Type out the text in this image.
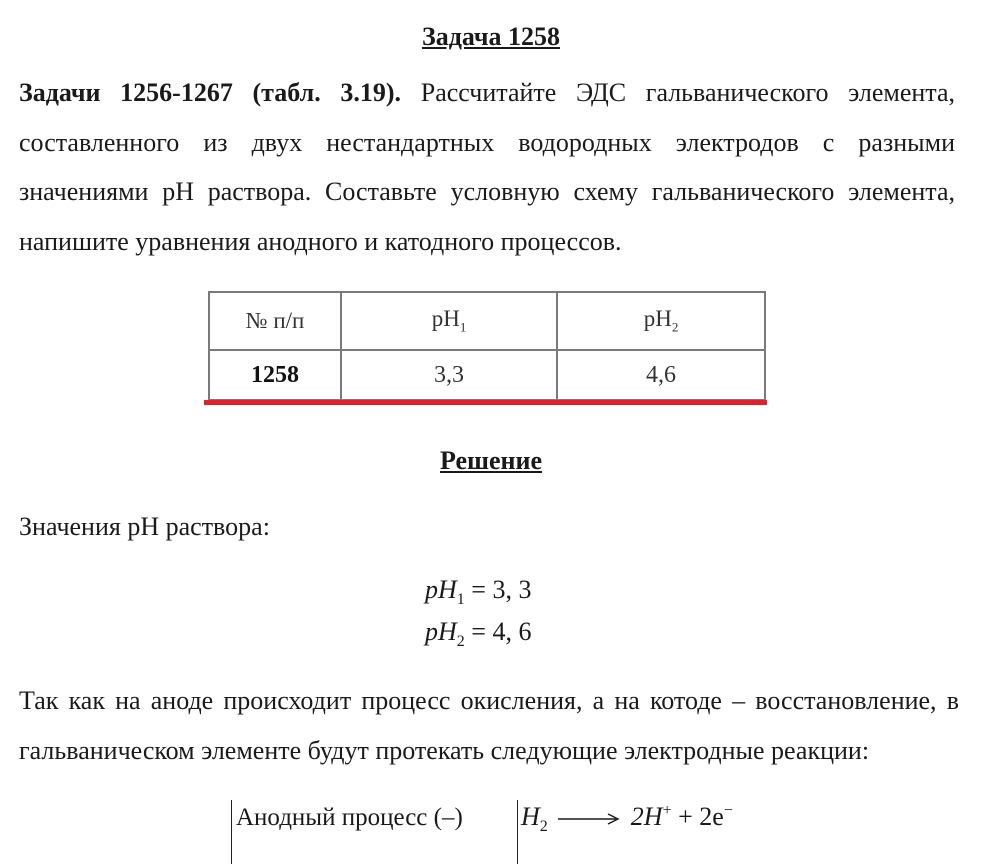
Задача 1258
Задачи 1256-1267 (табл. 3.19). Рассчитайте ЭДС гальванического элемента, составленного из двух нестандартных водородных электродов с разными значениями pH раствора. Составьте условную схему гальванического элемента, напишите уравнения анодного и катодного процессов.
№ п/п	$pH_1$	$pH_2$
1258	3,3	4,6
Решение
Значения pH раствора:
$pH_1 = 3$, 3
$pH_2 = 4$, 6
Так как на аноде происходит процесс окисления, а на котоде – восстановление, в гальваническом элементе будут протекать следующие электродные реакции:
Анодный процесс (–) $H_2 \to 2H^+ + 2e^-$
